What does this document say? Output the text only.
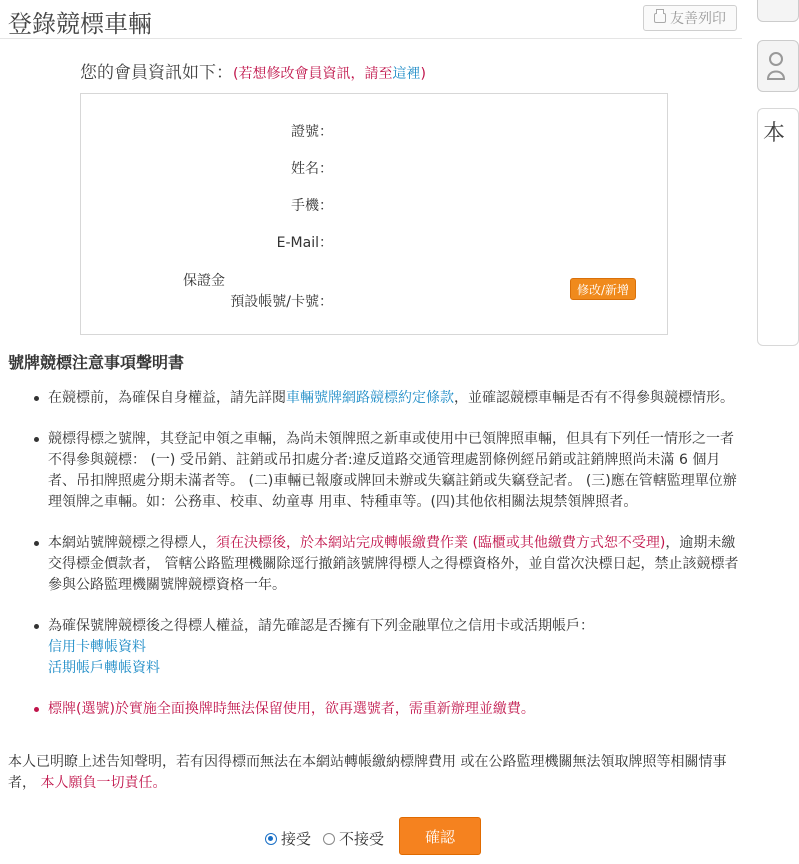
登錄競標車輛	友善列印
本
您的會員資訊如下：(若想修改會員資訊，請至這裡)
證號：
姓名：
手機：
E-Mail：
保證金
預設帳號/卡號：
修改/新增
號牌競標注意事項聲明書
在競標前，為確保自身權益，請先詳閱車輛號牌網路競標約定條款，並確認競標車輛是否有不得參與競標情形。
競標得標之號牌，其登記申領之車輛，為尚未領牌照之新車或使用中已領牌照車輛，但具有下列任一情形之一者不得參與競標： (一) 受吊銷、註銷或吊扣處分者:違反道路交通管理處罰條例經吊銷或註銷牌照尚未滿 6 個月者、吊扣牌照處分期未滿者等。 (二)車輛已報廢或牌回未辦或失竊註銷或失竊登記者。 (三)應在管轄監理單位辦理領牌之車輛。如：公務車、校車、幼童專 用車、特種車等。(四)其他依相關法規禁領牌照者。
本網站號牌競標之得標人，須在決標後，於本網站完成轉帳繳費作業 (臨櫃或其他繳費方式恕不受理)，逾期未繳交得標金價款者， 管轄公路監理機關除逕行撤銷該號牌得標人之得標資格外，並自當次決標日起，禁止該競標者參與公路監理機關號牌競標資格一年。
為確保號牌競標後之得標人權益，請先確認是否擁有下列金融單位之信用卡或活期帳戶：
信用卡轉帳資料
活期帳戶轉帳資料
標牌(選號)於實施全面換牌時無法保留使用，欲再選號者，需重新辦理並繳費。

本人已明瞭上述告知聲明，若有因得標而無法在本網站轉帳繳納標牌費用 或在公路監理機關無法領取牌照等相關情事者， 本人願負一切責任。

接受 不接受	確認
